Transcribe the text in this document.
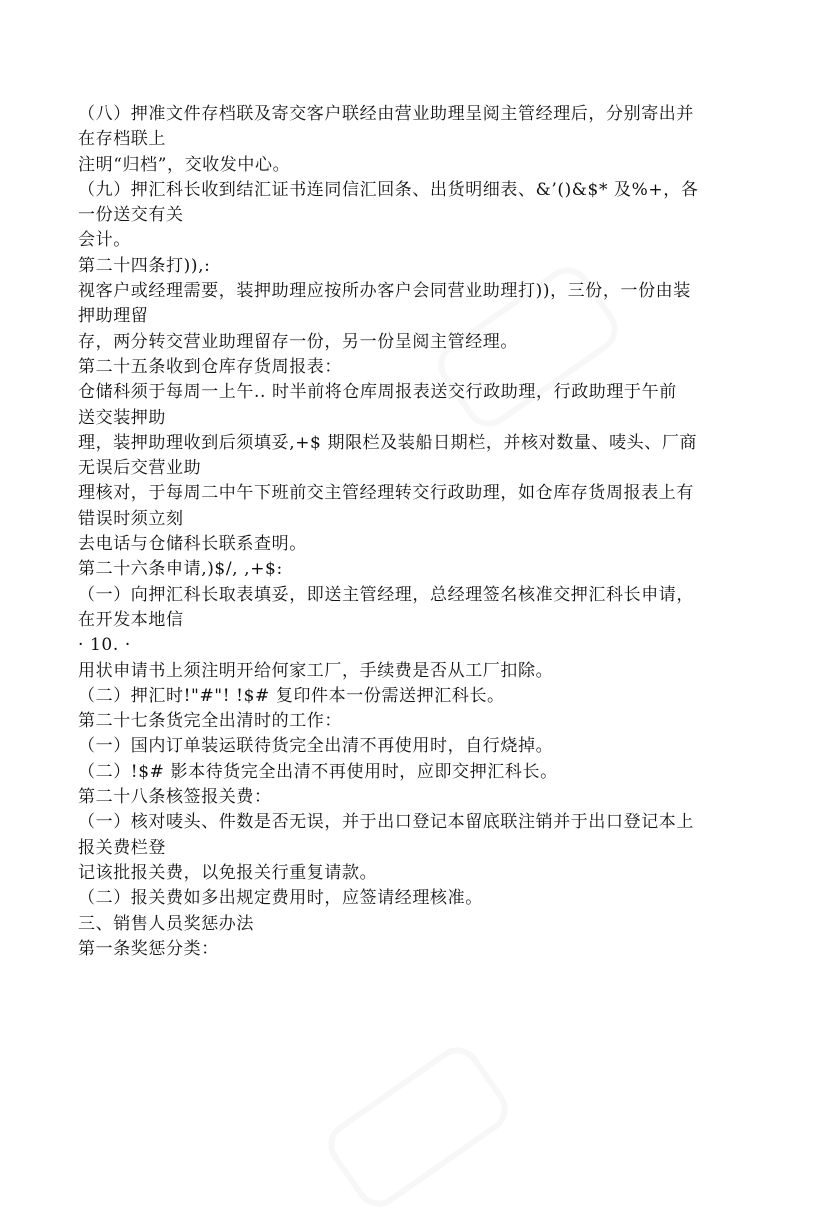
（八）押准文件存档联及寄交客户联经由营业助理呈阅主管经理后，分别寄出并
在存档联上
注明“归档”，交收发中心。
（九）押汇科长收到结汇证书连同信汇回条、出货明细表、&’()&$* 及%+，各
一份送交有关
会计。
第二十四条打)),:
视客户或经理需要，装押助理应按所办客户会同营业助理打))，三份，一份由装
押助理留
存，两分转交营业助理留存一份，另一份呈阅主管经理。
第二十五条收到仓库存货周报表：
仓储科须于每周一上午.. 时半前将仓库周报表送交行政助理，行政助理于午前
送交装押助
理，装押助理收到后须填妥,+$ 期限栏及装船日期栏，并核对数量、唛头、厂商
无误后交营业助
理核对，于每周二中午下班前交主管经理转交行政助理，如仓库存货周报表上有
错误时须立刻
去电话与仓储科长联系查明。
第二十六条申请,)$/, ,+$:
（一）向押汇科长取表填妥，即送主管经理，总经理签名核准交押汇科长申请，
在开发本地信
· 10. ·
用状申请书上须注明开给何家工厂，手续费是否从工厂扣除。
（二）押汇时!"#"! !$# 复印件本一份需送押汇科长。
第二十七条货完全出清时的工作：
（一）国内订单装运联待货完全出清不再使用时，自行烧掉。
（二）!$# 影本待货完全出清不再使用时，应即交押汇科长。
第二十八条核签报关费：
（一）核对唛头、件数是否无误，并于出口登记本留底联注销并于出口登记本上
报关费栏登
记该批报关费，以免报关行重复请款。
（二）报关费如多出规定费用时，应签请经理核准。
三、销售人员奖惩办法
第一条奖惩分类：
